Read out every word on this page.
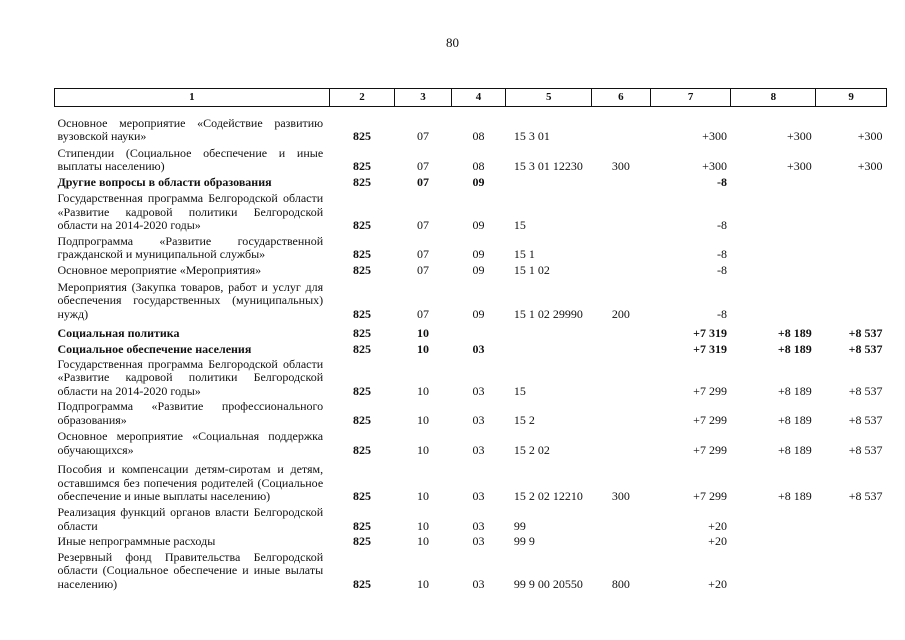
80
1	2	3	4	5	6	7	8	9

Основное мероприятие «Содействие развитию вузовской науки»	825	07	08	15 3 01		+300	+300	+300

Стипендии (Социальное обеспечение и иные выплаты населению)	825	07	08	15 3 01 12230	300	+300	+300	+300

Другие вопросы в области образования	825	07	09			-8		

Государственная программа Белгородской области «Развитие кадровой политики Белгородской области на 2014-2020 годы»	825	07	09	15		-8		

Подпрограмма «Развитие государственной гражданской и муниципальной службы»	825	07	09	15 1		-8		

Основное мероприятие «Мероприятия»	825	07	09	15 1 02		-8		

Мероприятия (Закупка товаров, работ и услуг для обеспечения государственных (муниципальных) нужд)	825	07	09	15 1 02 29990	200	-8		

Социальная политика	825	10				+7 319	+8 189	+8 537

Социальное обеспечение населения	825	10	03			+7 319	+8 189	+8 537

Государственная программа Белгородской области «Развитие кадровой политики Белгородской области на 2014-2020 годы»	825	10	03	15		+7 299	+8 189	+8 537

Подпрограмма «Развитие профессионального образования»	825	10	03	15 2		+7 299	+8 189	+8 537

Основное мероприятие «Социальная поддержка обучающихся»	825	10	03	15 2 02		+7 299	+8 189	+8 537

Пособия и компенсации детям-сиротам и детям, оставшимся без попечения родителей (Социальное обеспечение и иные выплаты населению)	825	10	03	15 2 02 12210	300	+7 299	+8 189	+8 537

Реализация функций органов власти Белгородской области	825	10	03	99		+20		

Иные непрограммные расходы	825	10	03	99 9		+20		

Резервный фонд Правительства Белгородской области (Социальное обеспечение и иные вылаты населению)	825	10	03	99 9 00 20550	800	+20		
